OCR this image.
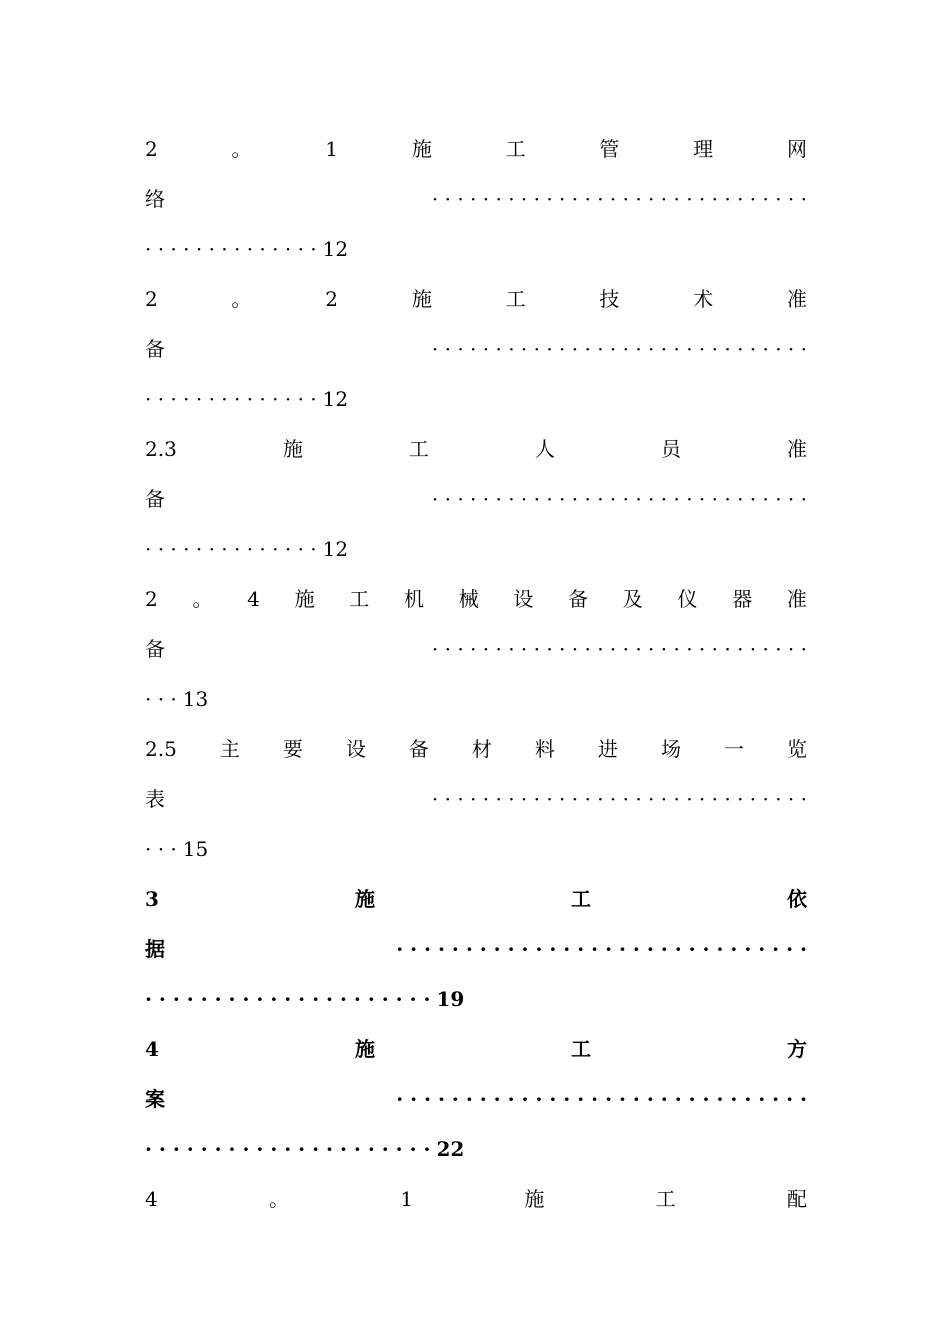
2	。	1	施	工	管	理	网
络	· · · · · · · · · · · · · · · · · · · · · · · · · · · · · ·
· · · · · · · · · · · · · · 12
2	。	2	施	工	技	术	准
备	· · · · · · · · · · · · · · · · · · · · · · · · · · · · · ·
· · · · · · · · · · · · · · 12
2.3	施	工	人	员	准
备	· · · · · · · · · · · · · · · · · · · · · · · · · · · · · ·
· · · · · · · · · · · · · · 12
2 。 4 施 工 机 械 设 备 及 仪 器 准
备	· · · · · · · · · · · · · · · · · · · · · · · · · · · · · ·
· · · 13
2.5 主 要 设 备 材 料 进 场 一 览
表	· · · · · · · · · · · · · · · · · · · · · · · · · · · · · ·
· · · 15
3	施	工	依
据	· · · · · · · · · · · · · · · · · · · · · · · · · · · · · ·
· · · · · · · · · · · · · · · · · · · · · 19
4	施	工	方
案	· · · · · · · · · · · · · · · · · · · · · · · · · · · · · ·
· · · · · · · · · · · · · · · · · · · · · 22
4	。	1	施	工	配
